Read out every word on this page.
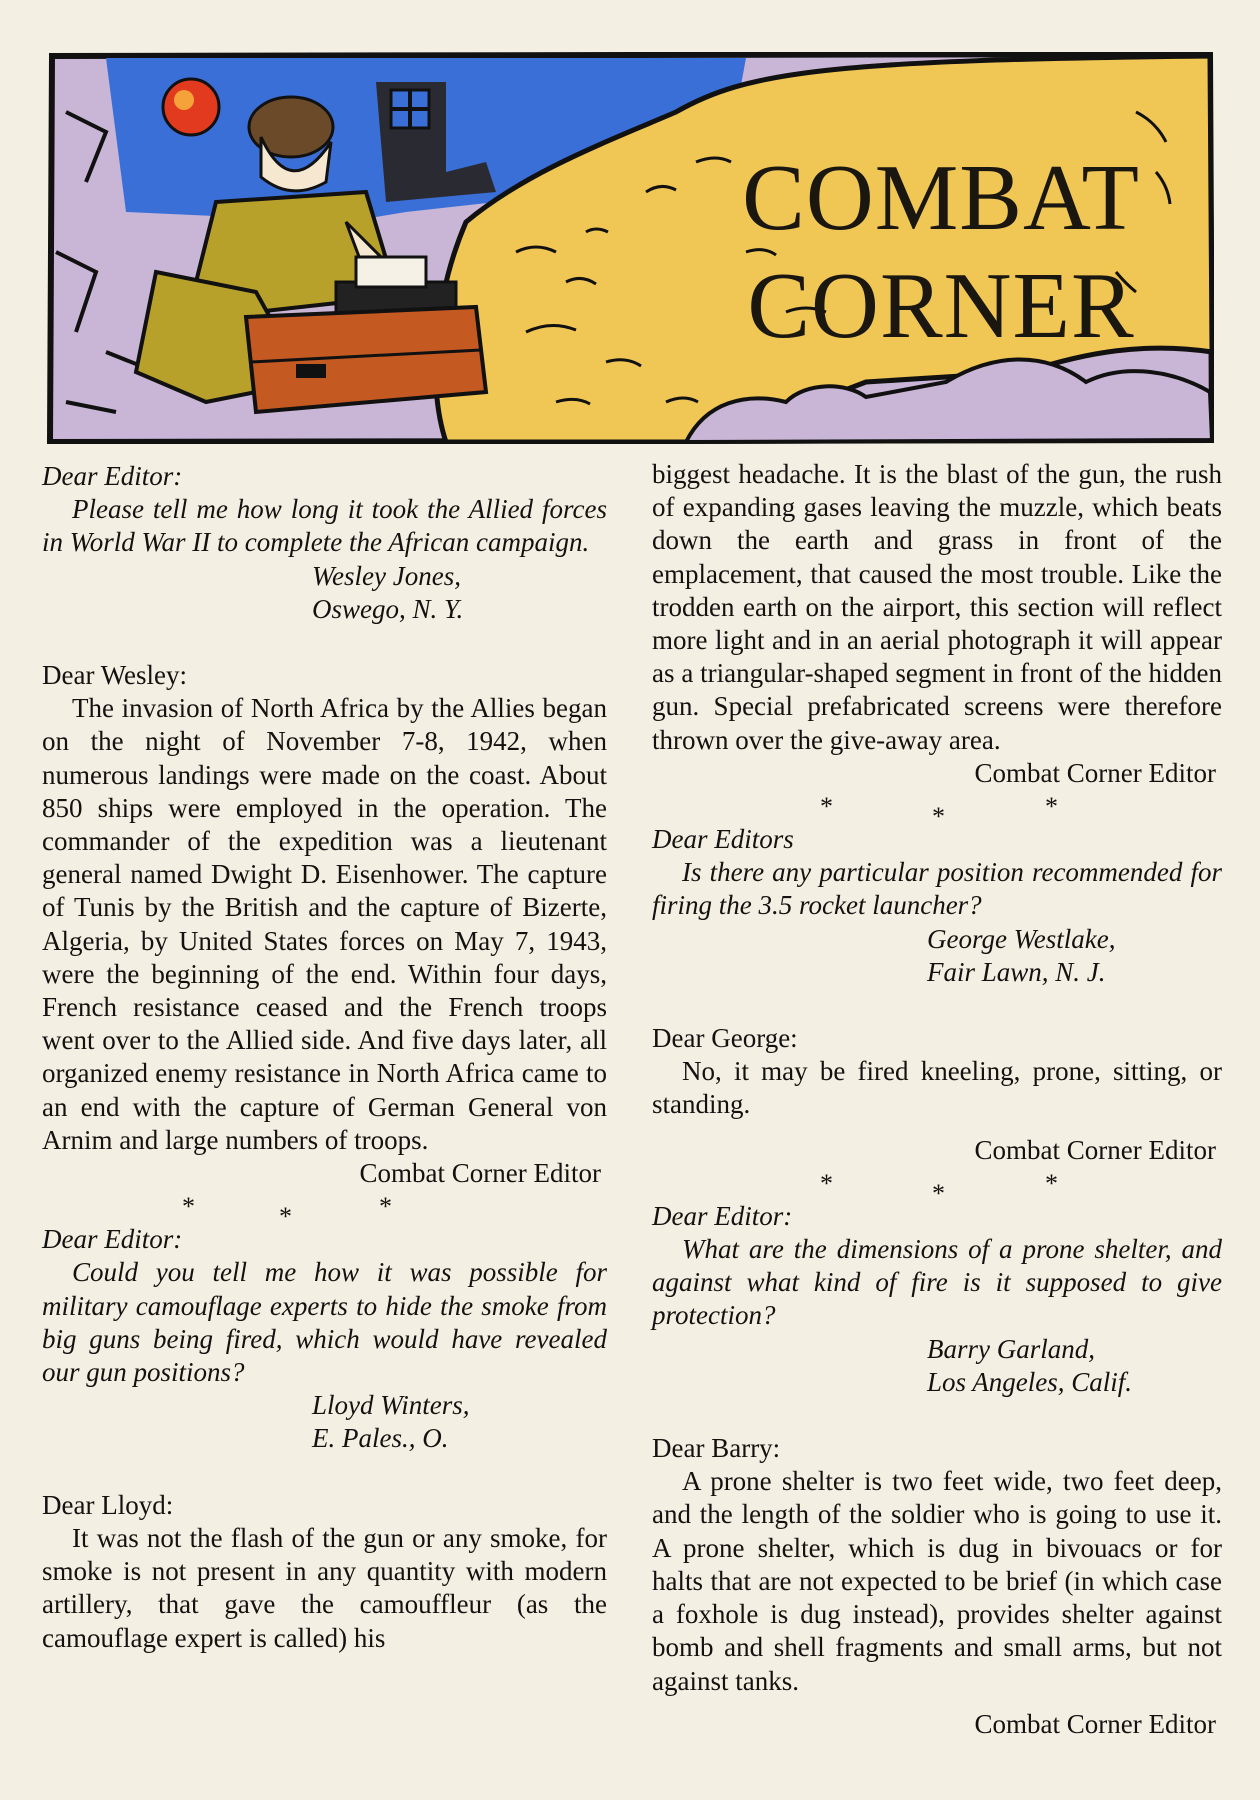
COMBAT
CORNER
Dear Editor:
Please tell me how long it took the Allied forces in World War II to complete the African campaign.
Wesley Jones,
Oswego, N. Y.
Dear Wesley:

The invasion of North Africa by the Allies began on the night of November 7-8, 1942, when numerous landings were made on the coast. About 850 ships were employed in the operation. The commander of the expedition was a lieutenant general named Dwight D. Eisenhower. The capture of Tunis by the British and the capture of Bizerte, Algeria, by United States forces on May 7, 1943, were the beginning of the end. Within four days, French resistance ceased and the French troops went over to the Allied side. And five days later, all organized enemy resistance in North Africa came to an end with the capture of German General von Arnim and large numbers of troops.

Combat Corner Editor
*	*	*
Dear Editor:
Could you tell me how it was possible for military camouflage experts to hide the smoke from big guns being fired, which would have revealed our gun positions?
Lloyd Winters,
E. Pales., O.
Dear Lloyd:

It was not the flash of the gun or any smoke, for smoke is not present in any quantity with modern artillery, that gave the camouffleur (as the camouflage expert is called) his

biggest headache. It is the blast of the gun, the rush of expanding gases leaving the muzzle, which beats down the earth and grass in front of the emplacement, that caused the most trouble. Like the trodden earth on the airport, this section will reflect more light and in an aerial photograph it will appear as a triangular-shaped segment in front of the hidden gun. Special prefabricated screens were therefore thrown over the give-away area.

Combat Corner Editor
*	*	*
Dear Editors
Is there any particular position recommended for firing the 3.5 rocket launcher?
George Westlake,
Fair Lawn, N. J.
Dear George:

No, it may be fired kneeling, prone, sitting, or standing.

Combat Corner Editor
*	*	*
Dear Editor:
What are the dimensions of a prone shelter, and against what kind of fire is it supposed to give protection?
Barry Garland,
Los Angeles, Calif.
Dear Barry:

A prone shelter is two feet wide, two feet deep, and the length of the soldier who is going to use it. A prone shelter, which is dug in bivouacs or for halts that are not expected to be brief (in which case a foxhole is dug instead), provides shelter against bomb and shell fragments and small arms, but not against tanks.

Combat Corner Editor
